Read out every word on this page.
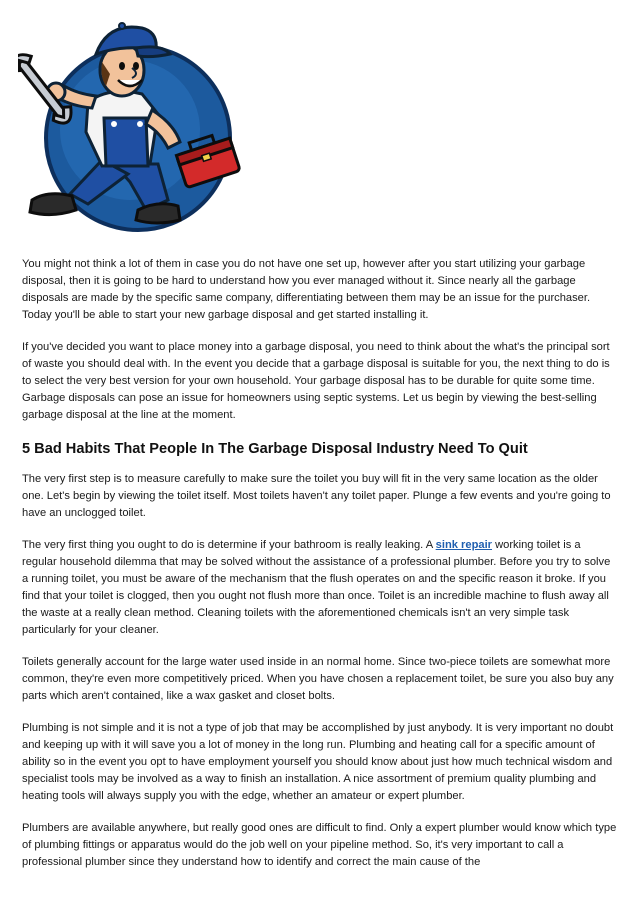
You might not think a lot of them in case you do not have one set up, however after you start utilizing your garbage disposal, then it is going to be hard to understand how you ever managed without it. Since nearly all the garbage disposals are made by the specific same company, differentiating between them may be an issue for the purchaser. Today you'll be able to start your new garbage disposal and get started installing it.

If you've decided you want to place money into a garbage disposal, you need to think about the what's the principal sort of waste you should deal with. In the event you decide that a garbage disposal is suitable for you, the next thing to do is to select the very best version for your own household. Your garbage disposal has to be durable for quite some time. Garbage disposals can pose an issue for homeowners using septic systems. Let us begin by viewing the best-selling garbage disposal at the line at the moment.

5 Bad Habits That People In The Garbage Disposal Industry Need To Quit

The very first step is to measure carefully to make sure the toilet you buy will fit in the very same location as the older one. Let's begin by viewing the toilet itself. Most toilets haven't any toilet paper. Plunge a few events and you're going to have an unclogged toilet.

The very first thing you ought to do is determine if your bathroom is really leaking. A sink repair working toilet is a regular household dilemma that may be solved without the assistance of a professional plumber. Before you try to solve a running toilet, you must be aware of the mechanism that the flush operates on and the specific reason it broke. If you find that your toilet is clogged, then you ought not flush more than once. Toilet is an incredible machine to flush away all the waste at a really clean method. Cleaning toilets with the aforementioned chemicals isn't an very simple task particularly for your cleaner.

Toilets generally account for the large water used inside in an normal home. Since two-piece toilets are somewhat more common, they're even more competitively priced. When you have chosen a replacement toilet, be sure you also buy any parts which aren't contained, like a wax gasket and closet bolts.

Plumbing is not simple and it is not a type of job that may be accomplished by just anybody. It is very important no doubt and keeping up with it will save you a lot of money in the long run. Plumbing and heating call for a specific amount of ability so in the event you opt to have employment yourself you should know about just how much technical wisdom and specialist tools may be involved as a way to finish an installation. A nice assortment of premium quality plumbing and heating tools will always supply you with the edge, whether an amateur or expert plumber.

Plumbers are available anywhere, but really good ones are difficult to find. Only a expert plumber would know which type of plumbing fittings or apparatus would do the job well on your pipeline method. So, it's very important to call a professional plumber since they understand how to identify and correct the main cause of the
